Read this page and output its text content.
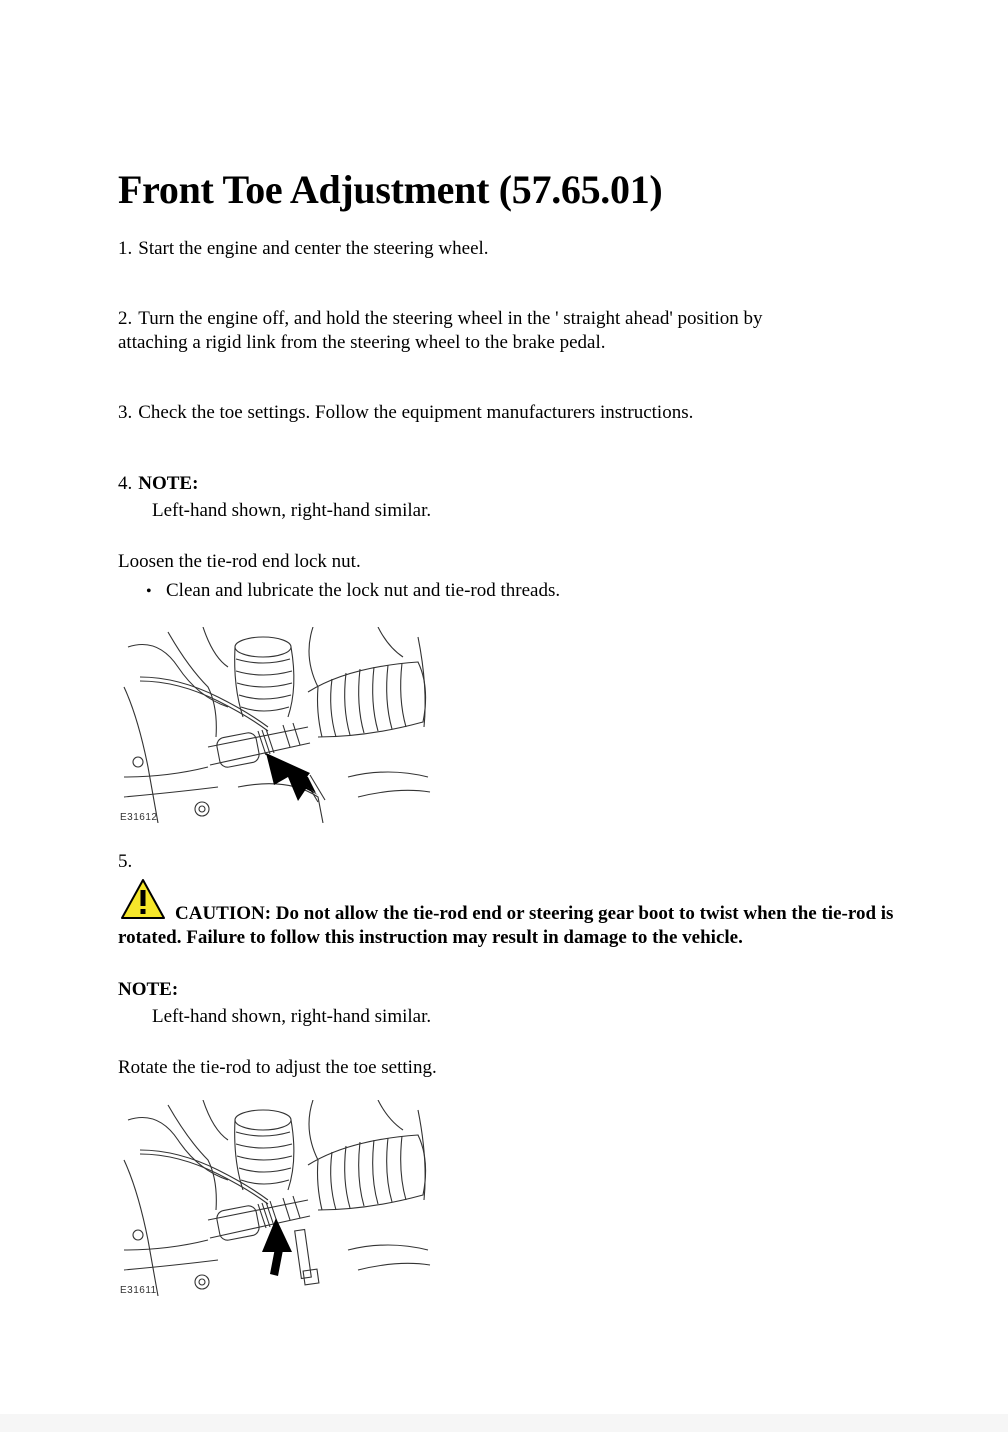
Front Toe Adjustment (57.65.01)
1. Start the engine and center the steering wheel.
2. Turn the engine off, and hold the steering wheel in the ' straight ahead' position by
attaching a rigid link from the steering wheel to the brake pedal.
3. Check the toe settings. Follow the equipment manufacturers instructions.
4. NOTE:
Left-hand shown, right-hand similar.
Loosen the tie-rod end lock nut.
• Clean and lubricate the lock nut and tie-rod threads.
E31612
5.
CAUTION: Do not allow the tie-rod end or steering gear boot to twist when the tie-rod is rotated. Failure to follow this instruction may result in damage to the vehicle.
NOTE:
Left-hand shown, right-hand similar.
Rotate the tie-rod to adjust the toe setting.
E31611
